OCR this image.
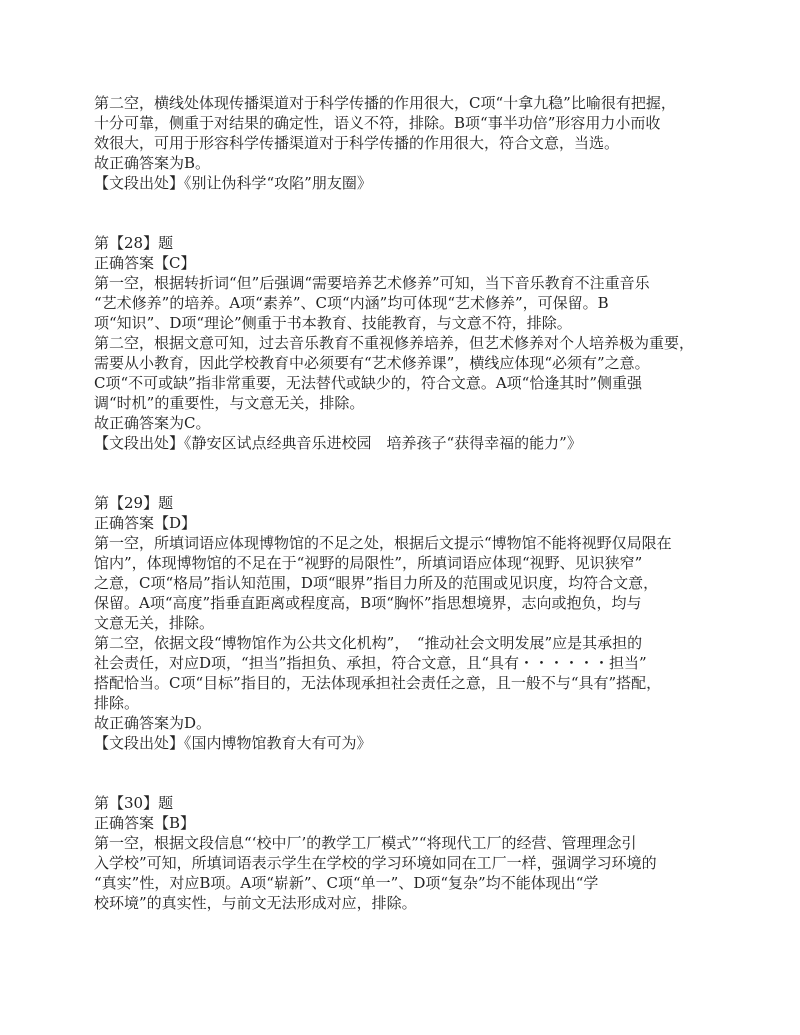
第二空，横线处体现传播渠道对于科学传播的作用很大，C项“十拿九稳”比喻很有把握，
十分可靠，侧重于对结果的确定性，语义不符，排除。B项“事半功倍”形容用力小而收
效很大，可用于形容科学传播渠道对于科学传播的作用很大，符合文意，当选。
故正确答案为B。
【文段出处】《别让伪科学“攻陷”朋友圈》
第【28】题
正确答案【C】
第一空，根据转折词“但”后强调“需要培养艺术修养”可知，当下音乐教育不注重音乐
“艺术修养”的培养。A项“素养”、C项“内涵”均可体现“艺术修养”，可保留。B
项“知识”、D项“理论”侧重于书本教育、技能教育，与文意不符，排除。
第二空，根据文意可知，过去音乐教育不重视修养培养，但艺术修养对个人培养极为重要，
需要从小教育，因此学校教育中必须要有“艺术修养课”，横线应体现“必须有”之意。
C项“不可或缺”指非常重要，无法替代或缺少的，符合文意。A项“恰逢其时”侧重强
调“时机”的重要性，与文意无关，排除。
故正确答案为C。
【文段出处】《静安区试点经典音乐进校园　培养孩子“获得幸福的能力”》
第【29】题
正确答案【D】
第一空，所填词语应体现博物馆的不足之处，根据后文提示“博物馆不能将视野仅局限在
馆内”，体现博物馆的不足在于“视野的局限性”，所填词语应体现“视野、见识狭窄”
之意，C项“格局”指认知范围，D项“眼界”指目力所及的范围或见识度，均符合文意，
保留。A项“高度”指垂直距离或程度高，B项“胸怀”指思想境界，志向或抱负，均与
文意无关，排除。
第二空，依据文段“博物馆作为公共文化机构”，　“推动社会文明发展”应是其承担的
社会责任，对应D项，“担当”指担负、承担，符合文意，且“具有・・・・・・担当”
搭配恰当。C项“目标”指目的，无法体现承担社会责任之意，且一般不与“具有”搭配，
排除。
故正确答案为D。
【文段出处】《国内博物馆教育大有可为》
第【30】题
正确答案【B】
第一空，根据文段信息“‘校中厂’的教学工厂模式”“将现代工厂的经营、管理理念引
入学校”可知，所填词语表示学生在学校的学习环境如同在工厂一样，强调学习环境的
“真实”性，对应B项。A项“崭新”、C项“单一”、D项“复杂”均不能体现出“学
校环境”的真实性，与前文无法形成对应，排除。
